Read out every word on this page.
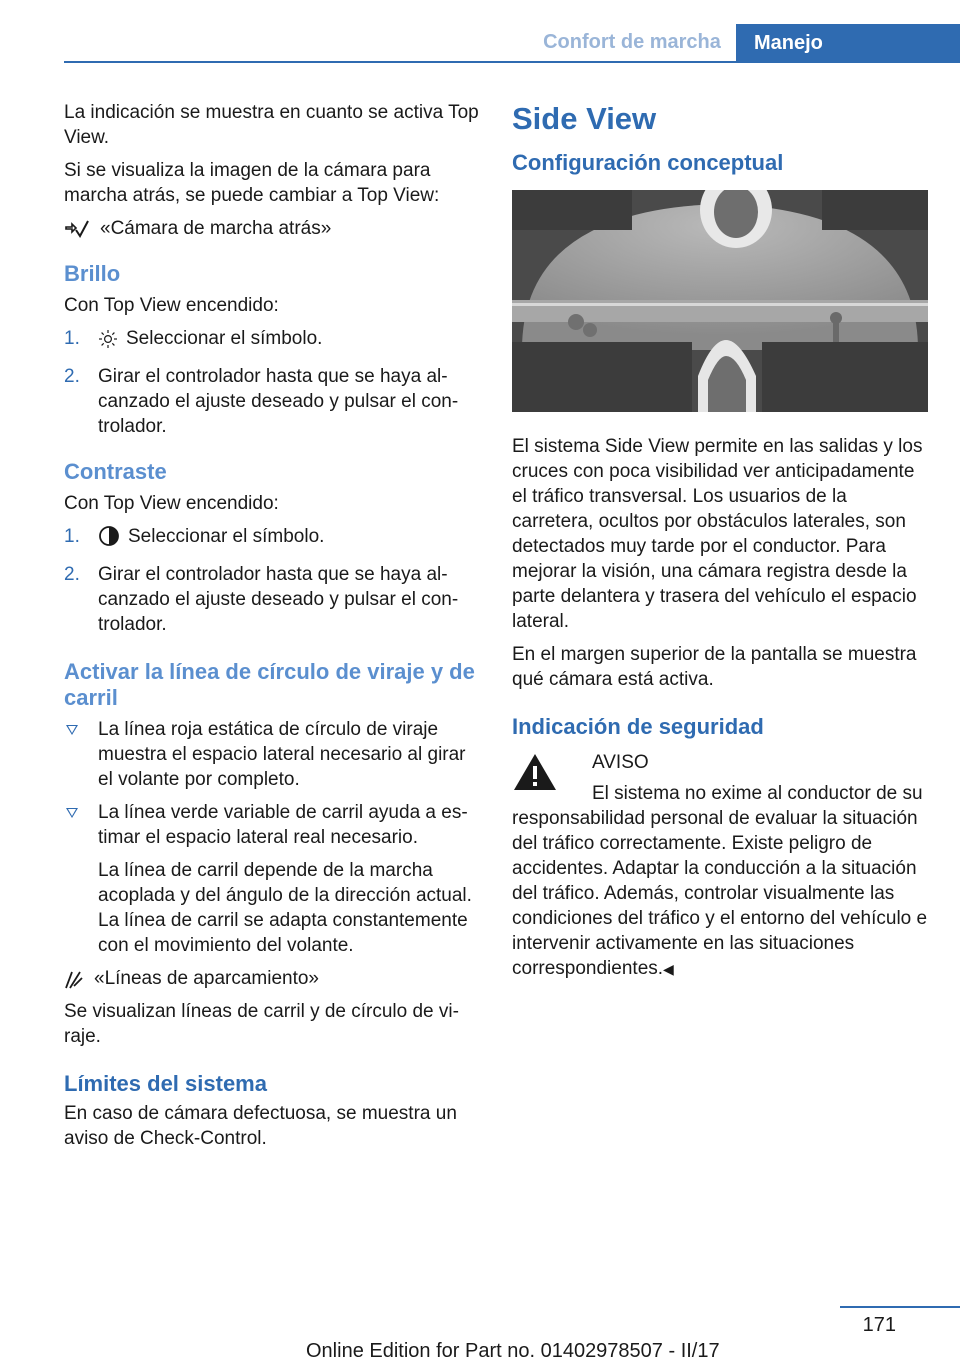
Confort de marcha	Manejo

La indicación se muestra en cuanto se activa Top View.

Si se visualiza la imagen de la cámara para marcha atrás, se puede cambiar a Top View:

«Cámara de marcha atrás»
Brillo

Con Top View encendido:

1. Seleccionar el símbolo.
2. Girar el controlador hasta que se haya alcanzado el ajuste deseado y pulsar el controlador.
Contraste

Con Top View encendido:

1.	Seleccionar el símbolo.
2. Girar el controlador hasta que se haya alcanzado el ajuste deseado y pulsar el controlador.
Activar la línea de círculo de viraje y de carril
La línea roja estática de círculo de viraje muestra el espacio lateral necesario al girar el volante por completo.
La línea verde variable de carril ayuda a estimar el espacio lateral real necesario.

La línea de carril depende de la marcha acoplada y del ángulo de la dirección actual. La línea de carril se adapta constantemente con el movimiento del volante.

«Líneas de aparcamiento»

Se visualizan líneas de carril y de círculo de viraje.

Límites del sistema

En caso de cámara defectuosa, se muestra un aviso de Check-Control.

Side View
Configuración conceptual

El sistema Side View permite en las salidas y los cruces con poca visibilidad ver anticipadamente el tráfico transversal. Los usuarios de la carretera, ocultos por obstáculos laterales, son detectados muy tarde por el conductor. Para mejorar la visión, una cámara registra desde la parte delantera y trasera del vehículo el espacio lateral.

En el margen superior de la pantalla se muestra qué cámara está activa.

Indicación de seguridad

AVISO

El sistema no exime al conductor de su responsabilidad personal de evaluar la situación del tráfico correctamente. Existe peligro de accidentes. Adaptar la conducción a la situación del tráfico. Además, controlar visualmente las condiciones del tráfico y el entorno del vehículo e intervenir activamente en las situaciones correspondientes.◀

171
Online Edition for Part no. 01402978507 - II/17
